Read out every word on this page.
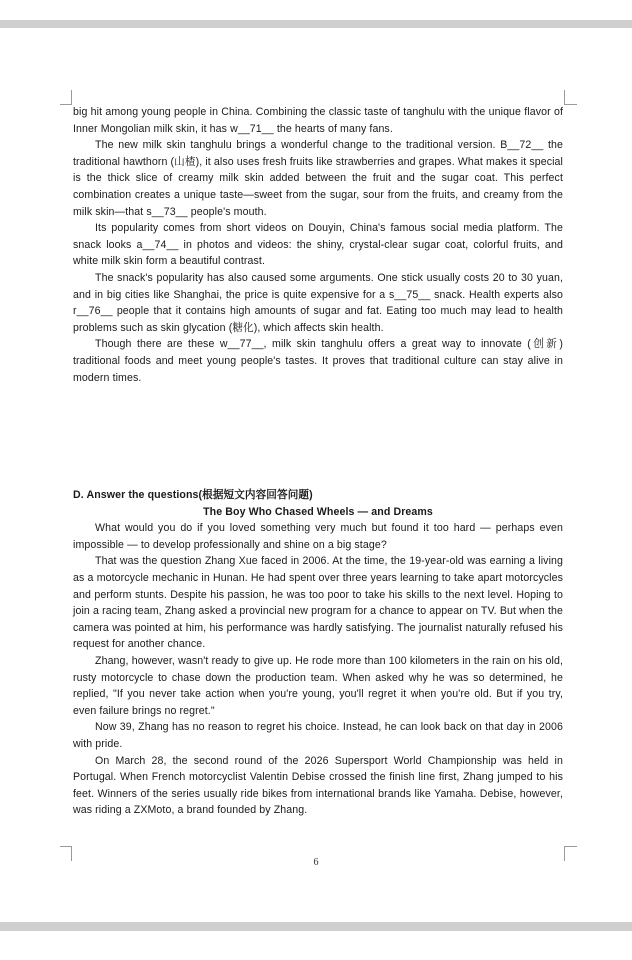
big hit among young people in China. Combining the classic taste of tanghulu with the unique flavor of Inner Mongolian milk skin, it has w__71__ the hearts of many fans.

The new milk skin tanghulu brings a wonderful change to the traditional version. B__72__ the traditional hawthorn (山楂), it also uses fresh fruits like strawberries and grapes. What makes it special is the thick slice of creamy milk skin added between the fruit and the sugar coat. This perfect combination creates a unique taste—sweet from the sugar, sour from the fruits, and creamy from the milk skin—that s__73__ people's mouth.

Its popularity comes from short videos on Douyin, China's famous social media platform. The snack looks a__74__ in photos and videos: the shiny, crystal-clear sugar coat, colorful fruits, and white milk skin form a beautiful contrast.

The snack's popularity has also caused some arguments. One stick usually costs 20 to 30 yuan, and in big cities like Shanghai, the price is quite expensive for a s__75__ snack. Health experts also r__76__ people that it contains high amounts of sugar and fat. Eating too much may lead to health problems such as skin glycation (糖化), which affects skin health.

Though there are these w__77__, milk skin tanghulu offers a great way to innovate (创新) traditional foods and meet young people's tastes. It proves that traditional culture can stay alive in modern times.

D. Answer the questions(根据短文内容回答问题)

The Boy Who Chased Wheels — and Dreams

What would you do if you loved something very much but found it too hard — perhaps even impossible — to develop professionally and shine on a big stage?

That was the question Zhang Xue faced in 2006. At the time, the 19-year-old was earning a living as a motorcycle mechanic in Hunan. He had spent over three years learning to take apart motorcycles and perform stunts. Despite his passion, he was too poor to take his skills to the next level. Hoping to join a racing team, Zhang asked a provincial new program for a chance to appear on TV. But when the camera was pointed at him, his performance was hardly satisfying. The journalist naturally refused his request for another chance.

Zhang, however, wasn't ready to give up. He rode more than 100 kilometers in the rain on his old, rusty motorcycle to chase down the production team. When asked why he was so determined, he replied, "If you never take action when you're young, you'll regret it when you're old. But if you try, even failure brings no regret."

Now 39, Zhang has no reason to regret his choice. Instead, he can look back on that day in 2006 with pride.

On March 28, the second round of the 2026 Supersport World Championship was held in Portugal. When French motorcyclist Valentin Debise crossed the finish line first, Zhang jumped to his feet. Winners of the series usually ride bikes from international brands like Yamaha. Debise, however, was riding a ZXMoto, a brand founded by Zhang.

6
